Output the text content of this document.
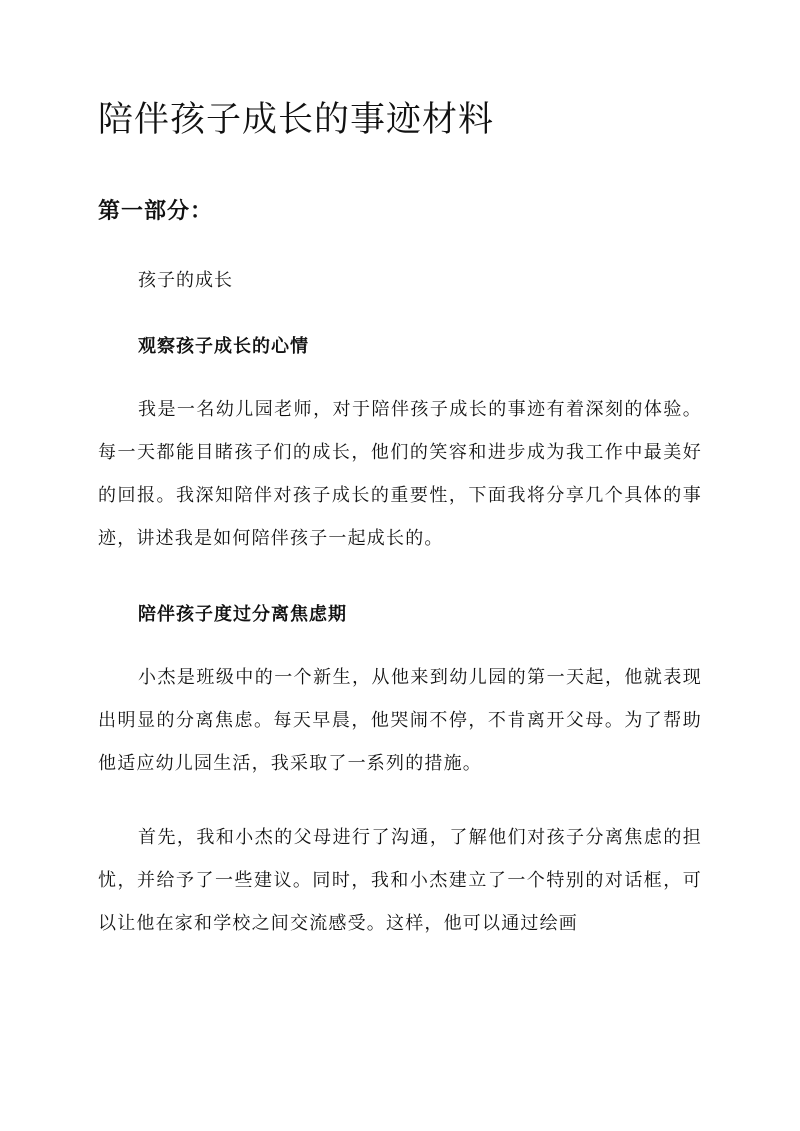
陪伴孩子成长的事迹材料
第一部分：

孩子的成长

观察孩子成长的心情

我是一名幼儿园老师，对于陪伴孩子成长的事迹有着深刻的体验。每一天都能目睹孩子们的成长，他们的笑容和进步成为我工作中最美好的回报。我深知陪伴对孩子成长的重要性，下面我将分享几个具体的事迹，讲述我是如何陪伴孩子一起成长的。

陪伴孩子度过分离焦虑期

小杰是班级中的一个新生，从他来到幼儿园的第一天起，他就表现出明显的分离焦虑。每天早晨，他哭闹不停，不肯离开父母。为了帮助他适应幼儿园生活，我采取了一系列的措施。

首先，我和小杰的父母进行了沟通，了解他们对孩子分离焦虑的担忧，并给予了一些建议。同时，我和小杰建立了一个特别的对话框，可以让他在家和学校之间交流感受。这样，他可以通过绘画
